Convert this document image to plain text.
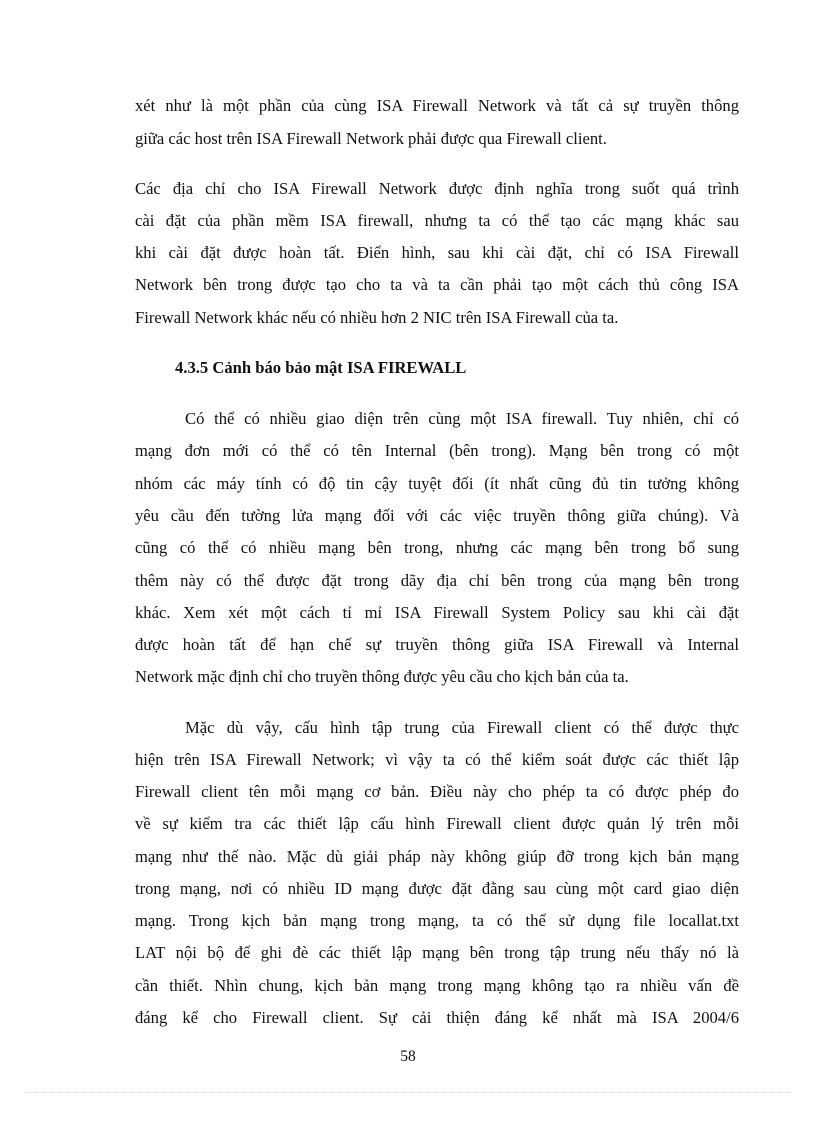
xét như là một phần của cùng ISA Firewall Network và tất cả sự truyền thông
giữa các host trên ISA Firewall Network phải được qua Firewall client.
Các địa chỉ cho ISA Firewall Network được định nghĩa trong suốt quá trình
cài đặt của phần mềm ISA firewall, nhưng ta có thể tạo các mạng khác sau
khi cài đặt được hoàn tất. Điển hình, sau khi cài đặt, chỉ có ISA Firewall
Network bên trong được tạo cho ta và ta cần phải tạo một cách thủ công ISA
Firewall Network khác nếu có nhiều hơn 2 NIC trên ISA Firewall của ta.
4.3.5 Cảnh báo bảo mật ISA FIREWALL
Có thể có nhiều giao diện trên cùng một ISA firewall. Tuy nhiên, chỉ có
mạng đơn mới có thể có tên Internal (bên trong). Mạng bên trong có một
nhóm các máy tính có độ tin cậy tuyệt đối (ít nhất cũng đủ tin tưởng không
yêu cầu đến tường lửa mạng đối với các việc truyền thông giữa chúng). Và
cũng có thể có nhiều mạng bên trong, nhưng các mạng bên trong bổ sung
thêm này có thể được đặt trong dãy địa chỉ bên trong của mạng bên trong
khác. Xem xét một cách tỉ mỉ ISA Firewall System Policy sau khi cài đặt
được hoàn tất để hạn chế sự truyền thông giữa ISA Firewall và Internal
Network mặc định chỉ cho truyền thông được yêu cầu cho kịch bản của ta.
Mặc dù vậy, cấu hình tập trung của Firewall client có thể được thực
hiện trên ISA Firewall Network; vì vậy ta có thể kiểm soát được các thiết lập
Firewall client tên mỗi mạng cơ bản. Điều này cho phép ta có được phép đo
về sự kiểm tra các thiết lập cấu hình Firewall client được quản lý trên mỗi
mạng như thế nào. Mặc dù giải pháp này không giúp đỡ trong kịch bản mạng
trong mạng, nơi có nhiều ID mạng được đặt đằng sau cùng một card giao diện
mạng. Trong kịch bản mạng trong mạng, ta có thể sử dụng file locallat.txt
LAT nội bộ để ghi đè các thiết lập mạng bên trong tập trung nếu thấy nó là
cần thiết. Nhìn chung, kịch bản mạng trong mạng không tạo ra nhiều vấn đề
đáng kể cho Firewall client. Sự cải thiện đáng kể nhất mà ISA 2004/6
58
